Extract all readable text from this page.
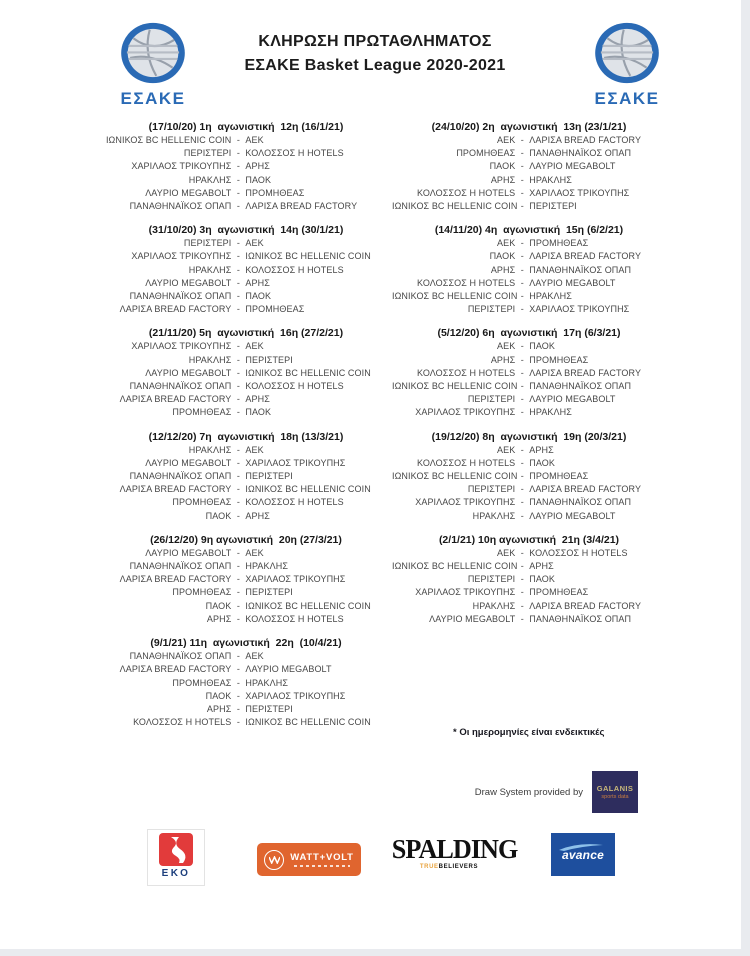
ΕΣΑΚΕ
ΚΛΗΡΩΣΗ ΠΡΩΤΑΘΛΗΜΑΤΟΣ
ΕΣΑΚΕ Basket League 2020-2021
ΕΣΑΚΕ
(17/10/20) 1η  αγωνιστική  12η (16/1/21)
ΙΩΝΙΚΟΣ BC HELLENIC COIN - ΑΕΚ
ΠΕΡΙΣΤΕΡΙ - ΚΟΛΟΣΣΟΣ Η HOTELS
ΧΑΡΙΛΑΟΣ ΤΡΙΚΟΥΠΗΣ - ΑΡΗΣ
ΗΡΑΚΛΗΣ - ΠΑΟΚ
ΛΑΥΡΙΟ MEGABOLT - ΠΡΟΜΗΘΕΑΣ
ΠΑΝΑΘΗΝΑΪΚΟΣ ΟΠΑΠ - ΛΑΡΙΣΑ BREAD FACTORY
(31/10/20) 3η  αγωνιστική  14η (30/1/21)
ΠΕΡΙΣΤΕΡΙ - ΑΕΚ
ΧΑΡΙΛΑΟΣ ΤΡΙΚΟΥΠΗΣ - ΙΩΝΙΚΟΣ BC HELLENIC COIN
ΗΡΑΚΛΗΣ - ΚΟΛΟΣΣΟΣ Η HOTELS
ΛΑΥΡΙΟ MEGABOLT - ΑΡΗΣ
ΠΑΝΑΘΗΝΑΪΚΟΣ ΟΠΑΠ - ΠΑΟΚ
ΛΑΡΙΣΑ BREAD FACTORY - ΠΡΟΜΗΘΕΑΣ
(21/11/20) 5η  αγωνιστική  16η (27/2/21)
ΧΑΡΙΛΑΟΣ ΤΡΙΚΟΥΠΗΣ - ΑΕΚ
ΗΡΑΚΛΗΣ - ΠΕΡΙΣΤΕΡΙ
ΛΑΥΡΙΟ MEGABOLT - ΙΩΝΙΚΟΣ BC HELLENIC COIN
ΠΑΝΑΘΗΝΑΪΚΟΣ ΟΠΑΠ - ΚΟΛΟΣΣΟΣ Η HOTELS
ΛΑΡΙΣΑ BREAD FACTORY - ΑΡΗΣ
ΠΡΟΜΗΘΕΑΣ - ΠΑΟΚ
(12/12/20) 7η  αγωνιστική  18η (13/3/21)
ΗΡΑΚΛΗΣ - ΑΕΚ
ΛΑΥΡΙΟ MEGABOLT - ΧΑΡΙΛΑΟΣ ΤΡΙΚΟΥΠΗΣ
ΠΑΝΑΘΗΝΑΪΚΟΣ ΟΠΑΠ - ΠΕΡΙΣΤΕΡΙ
ΛΑΡΙΣΑ BREAD FACTORY - ΙΩΝΙΚΟΣ BC HELLENIC COIN
ΠΡΟΜΗΘΕΑΣ - ΚΟΛΟΣΣΟΣ Η HOTELS
ΠΑΟΚ - ΑΡΗΣ
(26/12/20) 9η αγωνιστική  20η (27/3/21)
ΛΑΥΡΙΟ MEGABOLT - ΑΕΚ
ΠΑΝΑΘΗΝΑΪΚΟΣ ΟΠΑΠ - ΗΡΑΚΛΗΣ
ΛΑΡΙΣΑ BREAD FACTORY - ΧΑΡΙΛΑΟΣ ΤΡΙΚΟΥΠΗΣ
ΠΡΟΜΗΘΕΑΣ - ΠΕΡΙΣΤΕΡΙ
ΠΑΟΚ - ΙΩΝΙΚΟΣ BC HELLENIC COIN
ΑΡΗΣ - ΚΟΛΟΣΣΟΣ Η HOTELS
(9/1/21) 11η  αγωνιστική  22η  (10/4/21)
ΠΑΝΑΘΗΝΑΪΚΟΣ ΟΠΑΠ - ΑΕΚ
ΛΑΡΙΣΑ BREAD FACTORY - ΛΑΥΡΙΟ MEGABOLT
ΠΡΟΜΗΘΕΑΣ - ΗΡΑΚΛΗΣ
ΠΑΟΚ - ΧΑΡΙΛΑΟΣ ΤΡΙΚΟΥΠΗΣ
ΑΡΗΣ - ΠΕΡΙΣΤΕΡΙ
ΚΟΛΟΣΣΟΣ Η HOTELS - ΙΩΝΙΚΟΣ BC HELLENIC COIN
(24/10/20) 2η  αγωνιστική  13η (23/1/21)
ΑΕΚ - ΛΑΡΙΣΑ BREAD FACTORY
ΠΡΟΜΗΘΕΑΣ - ΠΑΝΑΘΗΝΑΪΚΟΣ ΟΠΑΠ
ΠΑΟΚ - ΛΑΥΡΙΟ MEGABOLT
ΑΡΗΣ - ΗΡΑΚΛΗΣ
ΚΟΛΟΣΣΟΣ Η HOTELS - ΧΑΡΙΛΑΟΣ ΤΡΙΚΟΥΠΗΣ
ΙΩΝΙΚΟΣ BC HELLENIC COIN - ΠΕΡΙΣΤΕΡΙ
(14/11/20) 4η  αγωνιστική  15η (6/2/21)
ΑΕΚ - ΠΡΟΜΗΘΕΑΣ
ΠΑΟΚ - ΛΑΡΙΣΑ BREAD FACTORY
ΑΡΗΣ - ΠΑΝΑΘΗΝΑΪΚΟΣ ΟΠΑΠ
ΚΟΛΟΣΣΟΣ Η HOTELS - ΛΑΥΡΙΟ MEGABOLT
ΙΩΝΙΚΟΣ BC HELLENIC COIN - ΗΡΑΚΛΗΣ
ΠΕΡΙΣΤΕΡΙ - ΧΑΡΙΛΑΟΣ ΤΡΙΚΟΥΠΗΣ
(5/12/20) 6η  αγωνιστική  17η (6/3/21)
ΑΕΚ - ΠΑΟΚ
ΑΡΗΣ - ΠΡΟΜΗΘΕΑΣ
ΚΟΛΟΣΣΟΣ Η HOTELS - ΛΑΡΙΣΑ BREAD FACTORY
ΙΩΝΙΚΟΣ BC HELLENIC COIN - ΠΑΝΑΘΗΝΑΪΚΟΣ ΟΠΑΠ
ΠΕΡΙΣΤΕΡΙ - ΛΑΥΡΙΟ MEGABOLT
ΧΑΡΙΛΑΟΣ ΤΡΙΚΟΥΠΗΣ - ΗΡΑΚΛΗΣ
(19/12/20) 8η  αγωνιστική  19η (20/3/21)
ΑΕΚ - ΑΡΗΣ
ΚΟΛΟΣΣΟΣ Η HOTELS - ΠΑΟΚ
ΙΩΝΙΚΟΣ BC HELLENIC COIN - ΠΡΟΜΗΘΕΑΣ
ΠΕΡΙΣΤΕΡΙ - ΛΑΡΙΣΑ BREAD FACTORY
ΧΑΡΙΛΑΟΣ ΤΡΙΚΟΥΠΗΣ - ΠΑΝΑΘΗΝΑΪΚΟΣ ΟΠΑΠ
ΗΡΑΚΛΗΣ - ΛΑΥΡΙΟ MEGABOLT
(2/1/21) 10η αγωνιστική  21η (3/4/21)
ΑΕΚ - ΚΟΛΟΣΣΟΣ Η HOTELS
ΙΩΝΙΚΟΣ BC HELLENIC COIN - ΑΡΗΣ
ΠΕΡΙΣΤΕΡΙ - ΠΑΟΚ
ΧΑΡΙΛΑΟΣ ΤΡΙΚΟΥΠΗΣ - ΠΡΟΜΗΘΕΑΣ
ΗΡΑΚΛΗΣ - ΛΑΡΙΣΑ BREAD FACTORY
ΛΑΥΡΙΟ MEGABOLT - ΠΑΝΑΘΗΝΑΪΚΟΣ ΟΠΑΠ
* Οι ημερομηνίες είναι ενδεικτικές
Draw System provided by GALANIS
sports data
ΕΚΟ
WATT+VOLT SPALDING
TRUEBELIEVERS
avance
